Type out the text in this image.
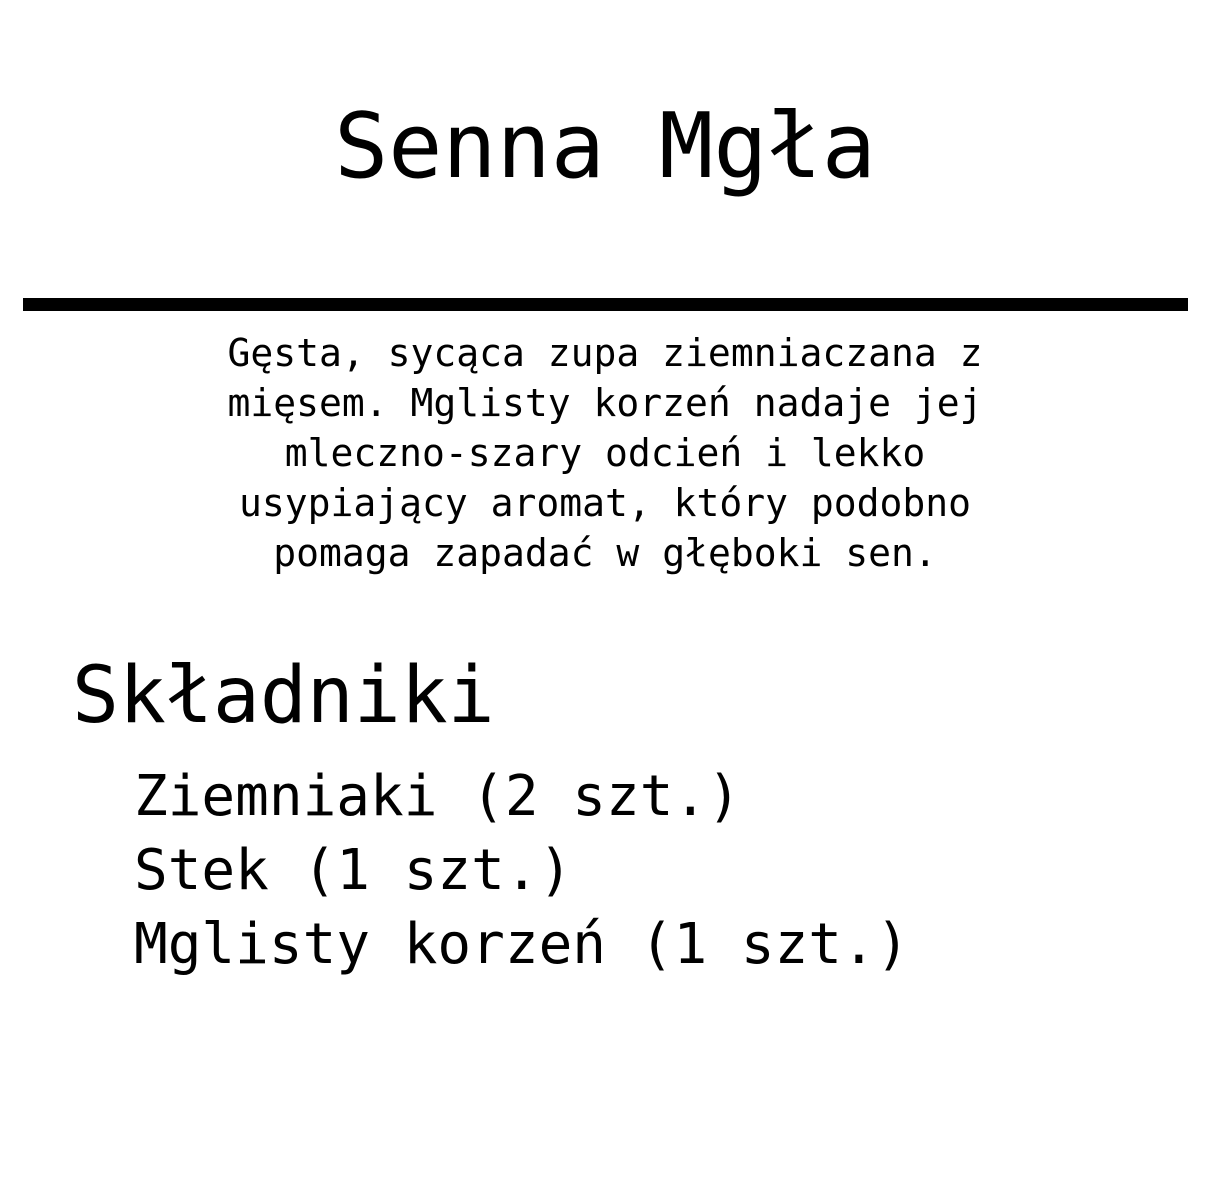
Senna Mgła

Gęsta, sycąca zupa ziemniaczana z
mięsem. Mglisty korzeń nadaje jej
mleczno-szary odcień i lekko
usypiający aromat, który podobno
pomaga zapadać w głęboki sen.

Składniki
Ziemniaki (2 szt.)
Stek (1 szt.)
Mglisty korzeń (1 szt.)
